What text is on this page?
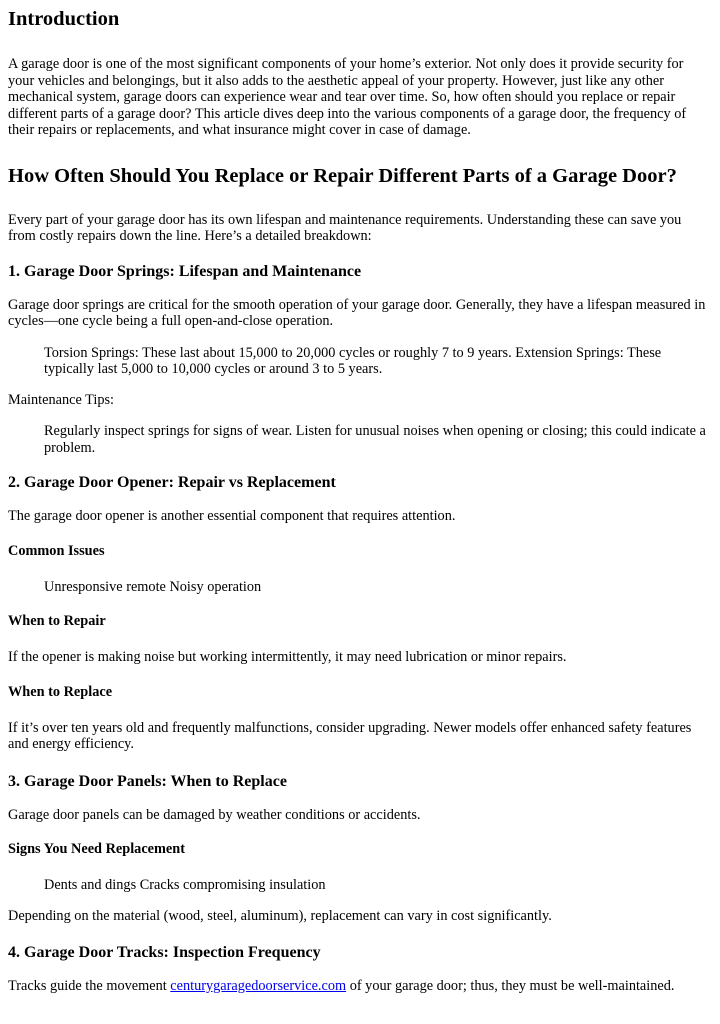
Introduction

A garage door is one of the most significant components of your home’s exterior. Not only does it provide security for your vehicles and belongings, but it also adds to the aesthetic appeal of your property. However, just like any other mechanical system, garage doors can experience wear and tear over time. So, how often should you replace or repair different parts of a garage door? This article dives deep into the various components of a garage door, the frequency of their repairs or replacements, and what insurance might cover in case of damage.

How Often Should You Replace or Repair Different Parts of a Garage Door?

Every part of your garage door has its own lifespan and maintenance requirements. Understanding these can save you from costly repairs down the line. Here’s a detailed breakdown:

1. Garage Door Springs: Lifespan and Maintenance

Garage door springs are critical for the smooth operation of your garage door. Generally, they have a lifespan measured in cycles—one cycle being a full open-and-close operation.

Torsion Springs: These last about 15,000 to 20,000 cycles or roughly 7 to 9 years. Extension Springs: These typically last 5,000 to 10,000 cycles or around 3 to 5 years.

Maintenance Tips:

Regularly inspect springs for signs of wear. Listen for unusual noises when opening or closing; this could indicate a problem.
2. Garage Door Opener: Repair vs Replacement

The garage door opener is another essential component that requires attention.

Common Issues
Unresponsive remote Noisy operation
When to Repair

If the opener is making noise but working intermittently, it may need lubrication or minor repairs.

When to Replace

If it’s over ten years old and frequently malfunctions, consider upgrading. Newer models offer enhanced safety features and energy efficiency.

3. Garage Door Panels: When to Replace

Garage door panels can be damaged by weather conditions or accidents.

Signs You Need Replacement
Dents and dings Cracks compromising insulation

Depending on the material (wood, steel, aluminum), replacement can vary in cost significantly.

4. Garage Door Tracks: Inspection Frequency

Tracks guide the movement centurygaragedoorservice.com of your garage door; thus, they must be well-maintained.
